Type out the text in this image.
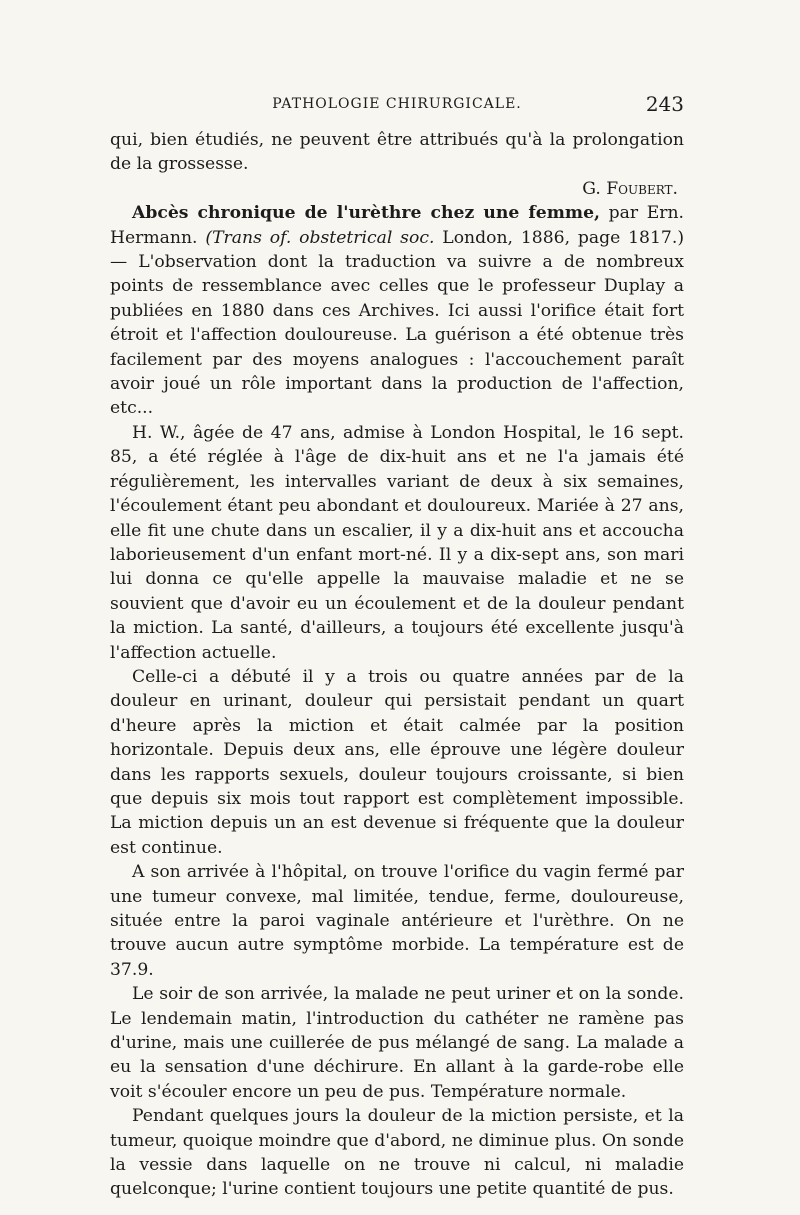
PATHOLOGIE CHIRURGICALE.	243

qui, bien étudiés, ne peuvent être attribués qu'à la prolongation de la grossesse.

G. Foubert.

Abcès chronique de l'urèthre chez une femme, par Ern. Hermann. (Trans of. obstetrical soc. London, 1886, page 1817.) — L'observation dont la traduction va suivre a de nombreux points de ressemblance avec celles que le professeur Duplay a publiées en 1880 dans ces Archives. Ici aussi l'orifice était fort étroit et l'affection douloureuse. La guérison a été obtenue très facilement par des moyens analogues : l'accouchement paraît avoir joué un rôle important dans la production de l'affection, etc...

H. W., âgée de 47 ans, admise à London Hospital, le 16 sept. 85, a été réglée à l'âge de dix-huit ans et ne l'a jamais été régulièrement, les intervalles variant de deux à six semaines, l'écoulement étant peu abondant et douloureux. Mariée à 27 ans, elle fit une chute dans un escalier, il y a dix-huit ans et accoucha laborieusement d'un enfant mort-né. Il y a dix-sept ans, son mari lui donna ce qu'elle appelle la mauvaise maladie et ne se souvient que d'avoir eu un écoulement et de la douleur pendant la miction. La santé, d'ailleurs, a toujours été excellente jusqu'à l'affection actuelle.

Celle-ci a débuté il y a trois ou quatre années par de la douleur en urinant, douleur qui persistait pendant un quart d'heure après la miction et était calmée par la position horizontale. Depuis deux ans, elle éprouve une légère douleur dans les rapports sexuels, douleur toujours croissante, si bien que depuis six mois tout rapport est complètement impossible. La miction depuis un an est devenue si fréquente que la douleur est continue.

A son arrivée à l'hôpital, on trouve l'orifice du vagin fermé par une tumeur convexe, mal limitée, tendue, ferme, douloureuse, située entre la paroi vaginale antérieure et l'urèthre. On ne trouve aucun autre symptôme morbide. La température est de 37.9.

Le soir de son arrivée, la malade ne peut uriner et on la sonde. Le lendemain matin, l'introduction du cathéter ne ramène pas d'urine, mais une cuillerée de pus mélangé de sang. La malade a eu la sensation d'une déchirure. En allant à la garde-robe elle voit s'écouler encore un peu de pus. Température normale.

Pendant quelques jours la douleur de la miction persiste, et la tumeur, quoique moindre que d'abord, ne diminue plus. On sonde la vessie dans laquelle on ne trouve ni calcul, ni maladie quelconque; l'urine contient toujours une petite quantité de pus.
